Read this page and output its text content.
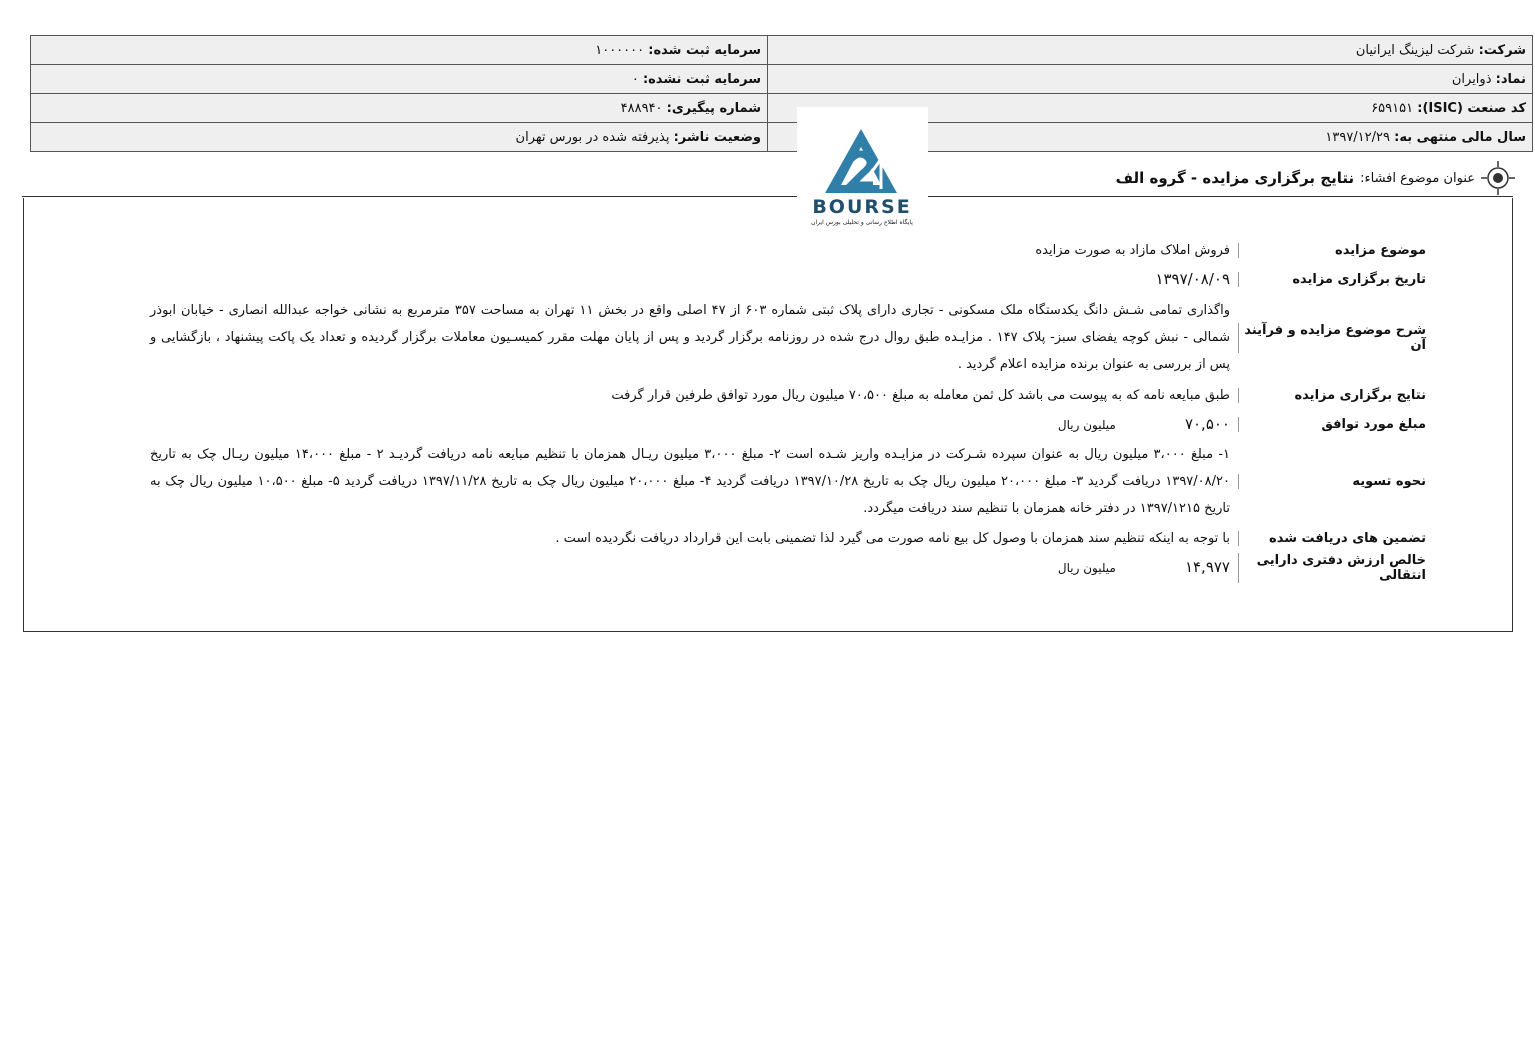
شرکت: شرکت لیزینگ ایرانیان	سرمایه ثبت شده: ۱۰۰۰۰۰۰
نماد: ذوایران	سرمایه ثبت نشده: ۰
کد صنعت (ISIC): ۶۵۹۱۵۱	شماره پیگیری: ۴۸۸۹۴۰
سال مالی منتهی به: ۱۳۹۷/۱۲/۲۹	وضعیت ناشر: پذیرفته شده در بورس تهران
BOURSE
پایگاه اطلاع رسانی و تحلیلی بورس ایران
عنوان موضوع افشاء:
نتایج برگزاری مزایده - گروه الف
موضوع مزایده
فروش املاک مازاد به صورت مزایده
تاریخ برگزاری مزایده
۱۳۹۷/۰۸/۰۹
شرح موضوع مزایده و فرآیند آن
واگذاری تمامی شـش دانگ یکدستگاه ملک مسکونی - تجاری دارای پلاک ثبتی شماره ۶۰۳ از ۴۷ اصلی واقع در بخش ۱۱ تهران به مساحت ۳۵۷ مترمربع به نشانی خواجه عبدالله انصاری - خیابان ابوذر شمالی - نبش کوچه یفضای سبز- پلاک ۱۴۷ . مزایـده طبق روال درج شده در روزنامه برگزار گردید و پس از پایان مهلت مقرر کمیسـیون معاملات برگزار گردیده و تعداد یک پاکت پیشنهاد ، بازگشایی و پس از بررسی به عنوان برنده مزایده اعلام گردید .
نتایج برگزاری مزایده
طبق مبایعه نامه که به پیوست می باشد کل ثمن معامله به مبلغ ۷۰،۵۰۰ میلیون ریال مورد توافق طرفین قرار گرفت
مبلغ مورد توافق
۷۰,۵۰۰ میلیون ریال
نحوه تسویه
۱- مبلغ ۳،۰۰۰ میلیون ریال به عنوان سپرده شـرکت در مزایـده واریز شـده است ۲- مبلغ ۳،۰۰۰ میلیون ریـال همزمان با تنظیم مبایعه نامه دریافت گردیـد ۲ - مبلغ ۱۴،۰۰۰ میلیون ریـال چک به تاریخ ۱۳۹۷/۰۸/۲۰ دریافت گردید ۳- مبلغ ۲۰،۰۰۰ میلیون ریال چک به تاریخ ۱۳۹۷/۱۰/۲۸ دریافت گردید ۴- مبلغ ۲۰،۰۰۰ میلیون ریال چک به تاریخ ۱۳۹۷/۱۱/۲۸ دریافت گردید ۵- مبلغ ۱۰،۵۰۰ میلیون ریال چک به تاریخ ۱۳۹۷/۱۲۱۵ در دفتر خانه همزمان با تنظیم سند دریافت میگردد.
تضمین های دریافت شده
با توجه به اینکه تنظیم سند همزمان با وصول کل بیع نامه صورت می گیرد لذا تضمینی بابت این قرارداد دریافت نگردیده است .
خالص ارزش دفتری دارایی انتقالی
۱۴,۹۷۷ میلیون ریال
